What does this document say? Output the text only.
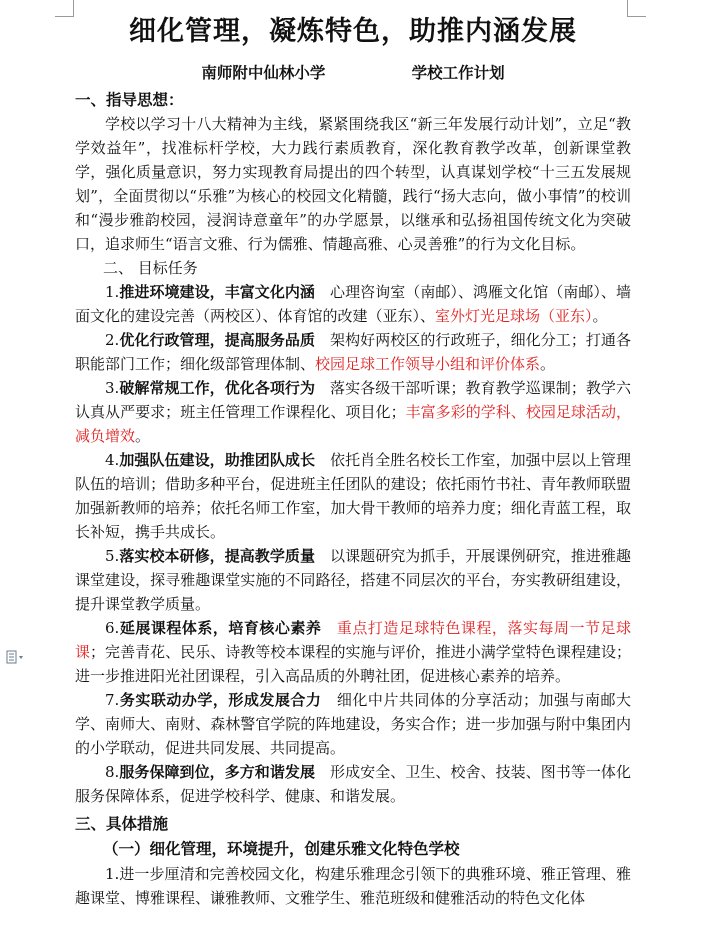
细化管理，凝炼特色，助推内涵发展
南师附中仙林小学	学校工作计划
一、指导思想：

学校以学习十八大精神为主线，紧紧围绕我区“新三年发展行动计划”，立足“教学效益年”，找准标杆学校，大力践行素质教育，深化教育教学改革，创新课堂教学，强化质量意识，努力实现教育局提出的四个转型，认真谋划学校“十三五发展规划”，全面贯彻以“乐雅”为核心的校园文化精髓，践行“扬大志向，做小事情”的校训和“漫步雅韵校园，浸润诗意童年”的办学愿景，以继承和弘扬祖国传统文化为突破口，追求师生“语言文雅、行为儒雅、情趣高雅、心灵善雅”的行为文化目标。

二、 目标任务

1.推进环境建设，丰富文化内涵　心理咨询室（南邮）、鸿雁文化馆（南邮）、墙面文化的建设完善（两校区）、体育馆的改建（亚东）、室外灯光足球场（亚东）。

2.优化行政管理，提高服务品质　架构好两校区的行政班子，细化分工；打通各职能部门工作；细化级部管理体制、校园足球工作领导小组和评价体系。

3.破解常规工作，优化各项行为　落实各级干部听课；教育教学巡课制；教学六认真从严要求；班主任管理工作课程化、项目化；丰富多彩的学科、校园足球活动，减负增效。

4.加强队伍建设，助推团队成长　依托肖全胜名校长工作室，加强中层以上管理队伍的培训；借助多种平台，促进班主任团队的建设；依托雨竹书社、青年教师联盟加强新教师的培养；依托名师工作室，加大骨干教师的培养力度；细化青蓝工程，取长补短，携手共成长。

5.落实校本研修，提高教学质量　以课题研究为抓手，开展课例研究，推进雅趣课堂建设，探寻雅趣课堂实施的不同路径，搭建不同层次的平台，夯实教研组建设，提升课堂教学质量。

6.延展课程体系，培育核心素养　 重点打造足球特色课程，落实每周一节足球课；完善青花、民乐、诗教等校本课程的实施与评价，推进小满学堂特色课程建设；进一步推进阳光社团课程，引入高品质的外聘社团，促进核心素养的培养。

7.务实联动办学，形成发展合力　细化中片共同体的分享活动；加强与南邮大学、南师大、南财、森林警官学院的阵地建设，务实合作；进一步加强与附中集团内的小学联动，促进共同发展、共同提高。

8.服务保障到位，多方和谐发展　形成安全、卫生、校舍、技装、图书等一体化服务保障体系，促进学校科学、健康、和谐发展。

三、具体措施
（一）细化管理，环境提升，创建乐雅文化特色学校

1.进一步厘清和完善校园文化，构建乐雅理念引领下的典雅环境、雅正管理、雅趣课堂、博雅课程、谦雅教师、文雅学生、雅范班级和健雅活动的特色文化体
